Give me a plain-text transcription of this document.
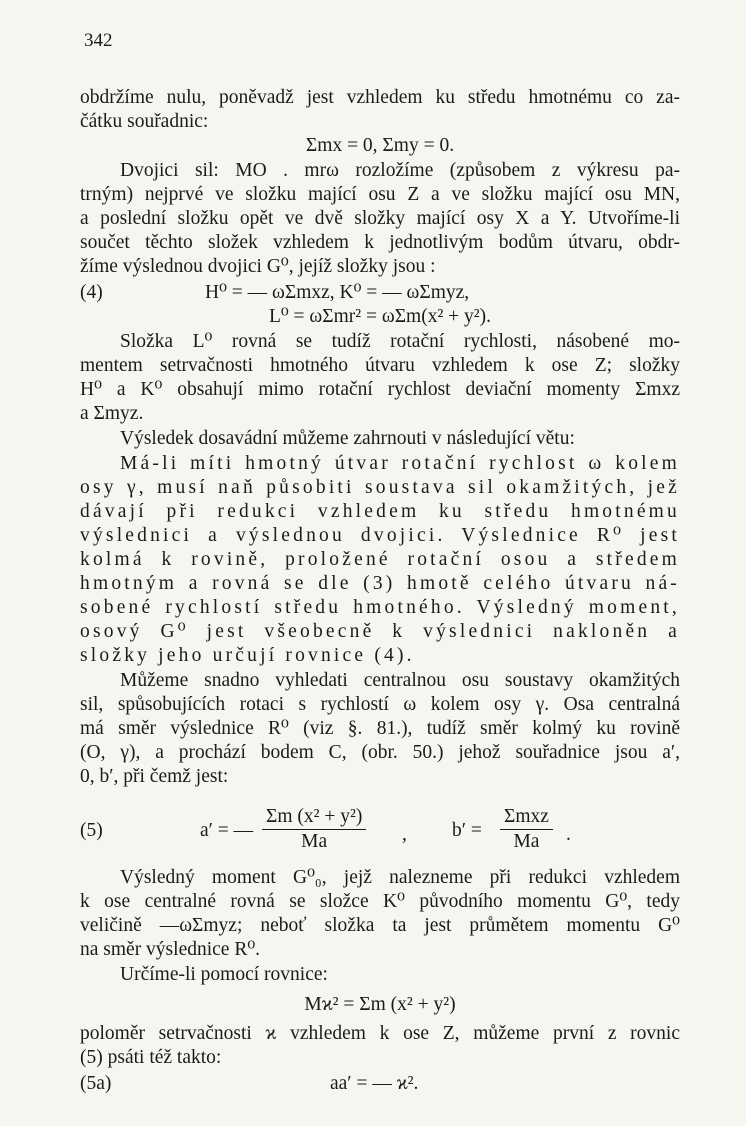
342
obdržíme nulu, poněvadž jest vzhledem ku středu hmotnému co za-
čátku souřadnic:
Σmx = 0, Σmy = 0.
Dvojici sil: MO . mrω rozložíme (způsobem z výkresu pa-
trným) nejprvé ve složku mající osu Z a ve složku mající osu MN,
a poslední složku opět ve dvě složky mající osy X a Y. Utvoříme-li
součet těchto složek vzhledem k jednotlivým bodům útvaru, obdr-
žíme výslednou dvojici G⁰, jejíž složky jsou :
(4)	H⁰ = — ωΣmxz, K⁰ = — ωΣmyz,
L⁰ = ωΣmr² = ωΣm(x² + y²).
Složka L⁰ rovná se tudíž rotační rychlosti, násobené mo-
mentem setrvačnosti hmotného útvaru vzhledem k ose Z; složky
H⁰ a K⁰ obsahují mimo rotační rychlost deviační momenty Σmxz
a Σmyz.
Výsledek dosavádní můžeme zahrnouti v následující větu:
Má-li míti hmotný útvar rotační rychlost ω kolem
osy γ, musí naň působiti soustava sil okamžitých, jež
dávají při redukci vzhledem ku středu hmotnému
výslednici a výslednou dvojici. Výslednice R⁰ jest
kolmá k rovině, proložené rotační osou a středem
hmotným a rovná se dle (3) hmotě celého útvaru ná-
sobené rychlostí středu hmotného. Výsledný moment,
osový G⁰ jest všeobecně k výslednici nakloněn a
složky jeho určují rovnice (4).
Můžeme snadno vyhledati centralnou osu soustavy okamžitých
sil, spůsobujících rotaci s rychlostí ω kolem osy γ. Osa centralná
má směr výslednice R⁰ (viz §. 81.), tudíž směr kolmý ku rovině
(O, γ), a prochází bodem C, (obr. 50.) jehož souřadnice jsou a′,
0, b′, při čemž jest:
(5)	a′ = — $\frac{\text{Σm (x² + y²)}}{Ma}$ , b′ =
Σmxz
Ma	.
Výsledný moment G⁰₀, jejž nalezneme při redukci vzhledem
k ose centralné rovná se složce K⁰ původního momentu G⁰, tedy
veličině —ωΣmyz; neboť složka ta jest průmětem momentu G⁰
na směr výslednice R⁰.
Určíme-li pomocí rovnice:
Mϰ² = Σm (x² + y²)
poloměr setrvačnosti ϰ vzhledem k ose Z, můžeme první z rovnic
(5) psáti též takto:
(5a)	aa′ = — ϰ².
